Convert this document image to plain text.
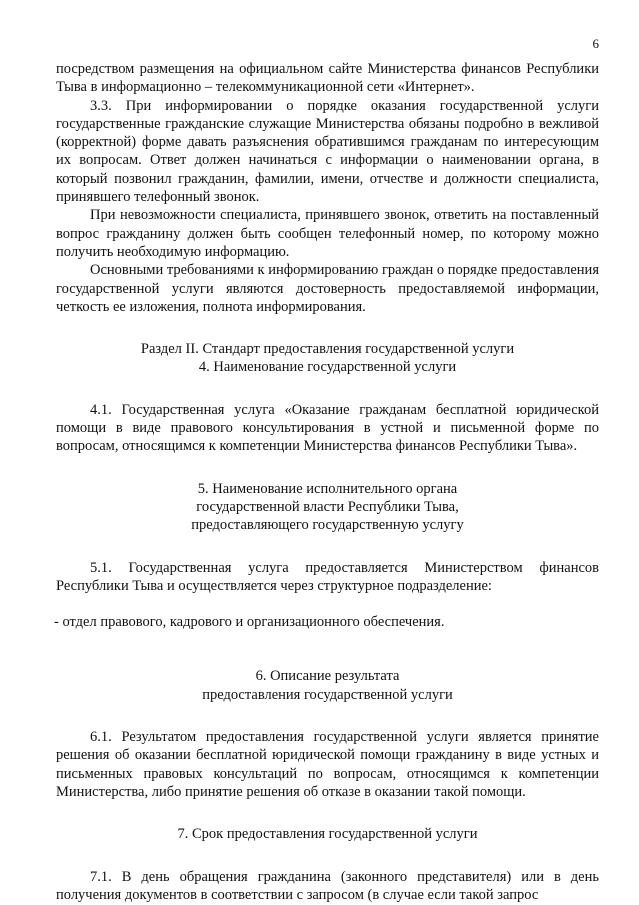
6

посредством размещения на официальном сайте Министерства финансов Республики Тыва в информационно – телекоммуникационной сети «Интернет».

3.3. При информировании о порядке оказания государственной услуги государственные гражданские служащие Министерства обязаны подробно в вежливой (корректной) форме давать разъяснения обратившимся гражданам по интересующим их вопросам. Ответ должен начинаться с информации о наименовании органа, в который позвонил гражданин, фамилии, имени, отчестве и должности специалиста, принявшего телефонный звонок.

При невозможности специалиста, принявшего звонок, ответить на поставленный вопрос гражданину должен быть сообщен телефонный номер, по которому можно получить необходимую информацию.

Основными требованиями к информированию граждан о порядке предоставления государственной услуги являются достоверность предоставляемой информации, четкость ее изложения, полнота информирования.

Раздел II. Стандарт предоставления государственной услуги

4. Наименование государственной услуги

4.1. Государственная услуга «Оказание гражданам бесплатной юридической помощи в виде правового консультирования в устной и письменной форме по вопросам, относящимся к компетенции Министерства финансов Республики Тыва».

5. Наименование исполнительного органа

государственной власти Республики Тыва,

предоставляющего государственную услугу

5.1. Государственная услуга предоставляется Министерством финансов Республики Тыва и осуществляется через структурное подразделение:

- отдел правового, кадрового и организационного обеспечения.

6. Описание результата

предоставления государственной услуги

6.1. Результатом предоставления государственной услуги является принятие решения об оказании бесплатной юридической помощи гражданину в виде устных и письменных правовых консультаций по вопросам, относящимся к компетенции Министерства, либо принятие решения об отказе в оказании такой помощи.

7. Срок предоставления государственной услуги

7.1. В день обращения гражданина (законного представителя) или в день получения документов в соответствии с запросом (в случае если такой запрос
